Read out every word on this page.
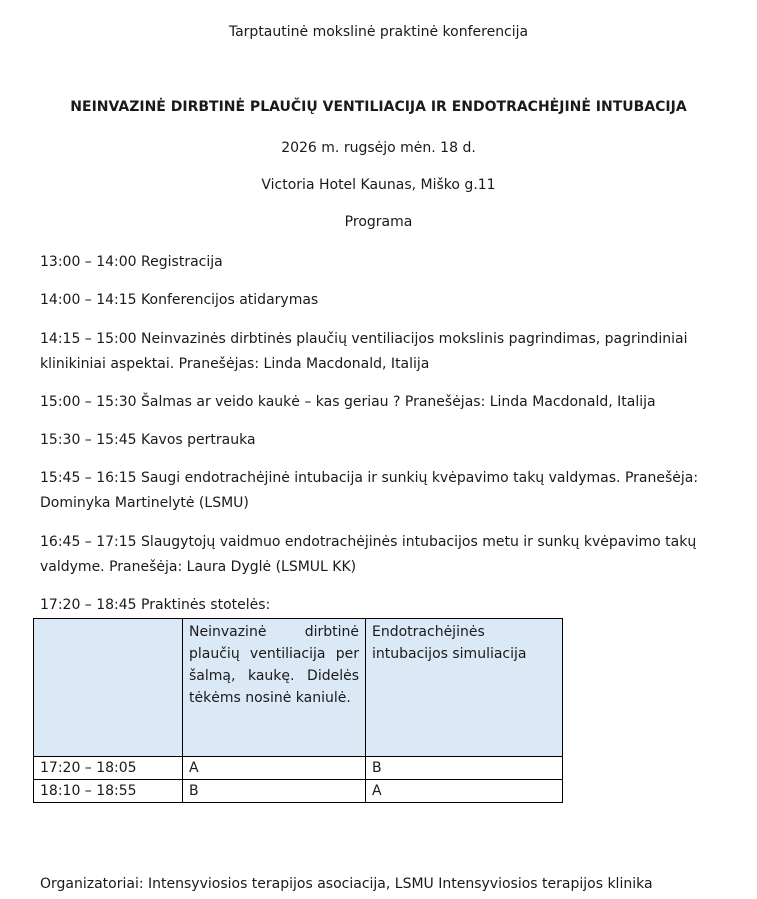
Tarptautinė mokslinė praktinė konferencija
NEINVAZINĖ DIRBTINĖ PLAUČIŲ VENTILIACIJA IR ENDOTRACHĖJINĖ INTUBACIJA
2026 m. rugsėjo mėn. 18 d.
Victoria Hotel Kaunas, Miško g.11
Programa
13:00 – 14:00 Registracija
14:00 – 14:15 Konferencijos atidarymas
14:15 – 15:00 Neinvazinės dirbtinės plaučių ventiliacijos mokslinis pagrindimas, pagrindiniai klinikiniai aspektai. Pranešėjas: Linda Macdonald, Italija
15:00 – 15:30 Šalmas ar veido kaukė – kas geriau ? Pranešėjas: Linda Macdonald, Italija
15:30 – 15:45 Kavos pertrauka
15:45 – 16:15 Saugi endotrachėjinė intubacija ir sunkių kvėpavimo takų valdymas. Pranešėja: Dominyka Martinelytė (LSMU)
16:45 – 17:15 Slaugytojų vaidmuo endotrachėjinės intubacijos metu ir sunkų kvėpavimo takų valdyme. Pranešėja: Laura Dyglė (LSMUL KK)
17:20 – 18:45 Praktinės stotelės:
	Neinvazinė dirbtinė plaučių ventiliacija per šalmą, kaukę. Didelės tėkėms nosinė kaniulė.	Endotrachėjinės intubacijos simuliacija
17:20 – 18:05	A	B
18:10 – 18:55	B	A
Organizatoriai: Intensyviosios terapijos asociacija, LSMU Intensyviosios terapijos klinika
